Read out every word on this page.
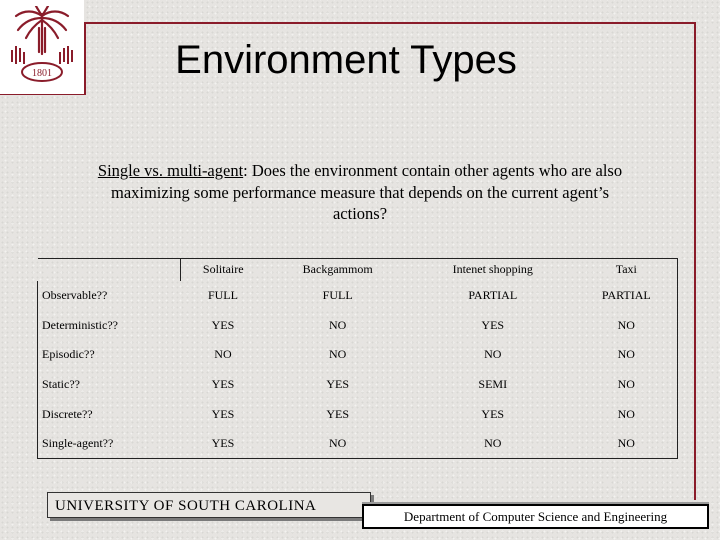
1801	Environment Types
Single vs. multi-agent: Does the environment contain other agents who are also maximizing some performance measure that depends on the current agent’s actions?
	Solitaire	Backgammom	Intenet shopping	Taxi
Observable??	FULL	FULL	PARTIAL	PARTIAL
Deterministic??	YES	NO	YES	NO
Episodic??	NO	NO	NO	NO
Static??	YES	YES	SEMI	NO
Discrete??	YES	YES	YES	NO
Single-agent??	YES	NO	NO	NO
UNIVERSITY OF SOUTH CAROLINA
Department of Computer Science and Engineering
